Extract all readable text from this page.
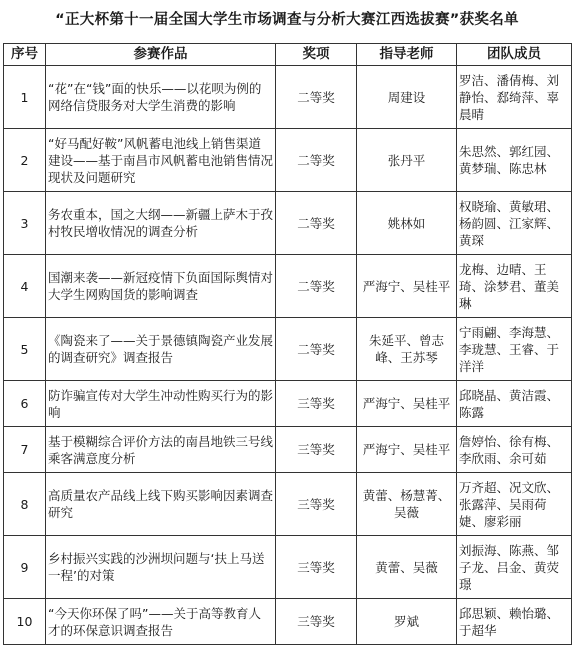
“正大杯第十一届全国大学生市场调查与分析大赛江西选拔赛”获奖名单
序号	参赛作品	奖项	指导老师	团队成员
1	“花”在“钱”面的快乐——以花呗为例的网络信贷服务对大学生消费的影响	二等奖	周建设	罗洁、潘倩梅、刘静怡、郄绮萍、辜晨晴
2	“好马配好鞍”风帆蓄电池线上销售渠道建设——基于南昌市风帆蓄电池销售情况现状及问题研究	二等奖	张丹平	朱思然、郭红园、黄梦瑞、陈忠林
3	务农重本，国之大纲——新疆上萨木于孜村牧民增收情况的调查分析	二等奖	姚林如	权晓瑜、黄敏珺、杨韵圆、江家辉、黄琛
4	国潮来袭——新冠疫情下负面国际舆情对大学生网购国货的影响调查	二等奖	严海宁、吴桂平	龙梅、边晴、王琦、涂梦君、董美琳
5	《陶瓷来了——关于景德镇陶瓷产业发展的调查研究》调查报告	二等奖	朱延平、曾志峰、王苏琴	宁雨翩、李海慧、李珑慧、王睿、于洋洋
6	防诈骗宣传对大学生冲动性购买行为的影响	三等奖	严海宁、吴桂平	邱晓晶、黄洁霞、陈露
7	基于模糊综合评价方法的南昌地铁三号线乘客满意度分析	三等奖	严海宁、吴桂平	詹婷怡、徐有梅、李欣雨、余可茹
8	高质量农产品线上线下购买影响因素调查研究	三等奖	黄蕾、杨慧菁、吴薇	万齐超、况文欣、张露萍、吴雨荷婕、廖彩丽
9	乡村振兴实践的沙洲坝问题与‘扶上马送一程’的对策	三等奖	黄蕾、吴薇	刘振海、陈燕、邹子龙、吕金、黄荧璟
10	“今天你环保了吗”——关于高等教育人才的环保意识调查报告	三等奖	罗斌	邱思颖、赖怡璐、于超华
